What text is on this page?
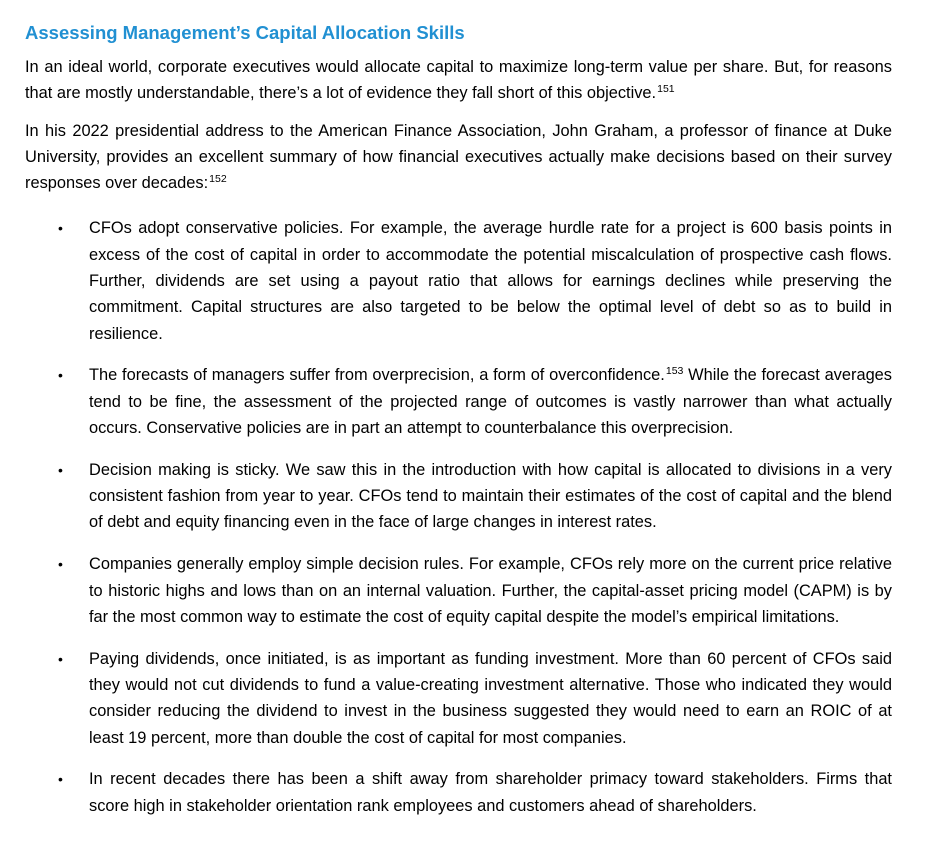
Assessing Management’s Capital Allocation Skills

In an ideal world, corporate executives would allocate capital to maximize long-term value per share. But, for reasons that are mostly understandable, there’s a lot of evidence they fall short of this objective.$^{151}$

In his 2022 presidential address to the American Finance Association, John Graham, a professor of finance at Duke University, provides an excellent summary of how financial executives actually make decisions based on their survey responses over decades:$^{152}$

• CFOs adopt conservative policies. For example, the average hurdle rate for a project is 600 basis points in excess of the cost of capital in order to accommodate the potential miscalculation of prospective cash flows. Further, dividends are set using a payout ratio that allows for earnings declines while preserving the commitment. Capital structures are also targeted to be below the optimal level of debt so as to build in resilience.
• The forecasts of managers suffer from overprecision, a form of overconfidence.$^{153}$ While the forecast averages tend to be fine, the assessment of the projected range of outcomes is vastly narrower than what actually occurs. Conservative policies are in part an attempt to counterbalance this overprecision.
• Decision making is sticky. We saw this in the introduction with how capital is allocated to divisions in a very consistent fashion from year to year. CFOs tend to maintain their estimates of the cost of capital and the blend of debt and equity financing even in the face of large changes in interest rates.
• Companies generally employ simple decision rules. For example, CFOs rely more on the current price relative to historic highs and lows than on an internal valuation. Further, the capital-asset pricing model (CAPM) is by far the most common way to estimate the cost of equity capital despite the model’s empirical limitations.
• Paying dividends, once initiated, is as important as funding investment. More than 60 percent of CFOs said they would not cut dividends to fund a value-creating investment alternative. Those who indicated they would consider reducing the dividend to invest in the business suggested they would need to earn an ROIC of at least 19 percent, more than double the cost of capital for most companies.
• In recent decades there has been a shift away from shareholder primacy toward stakeholders. Firms that score high in stakeholder orientation rank employees and customers ahead of shareholders.
